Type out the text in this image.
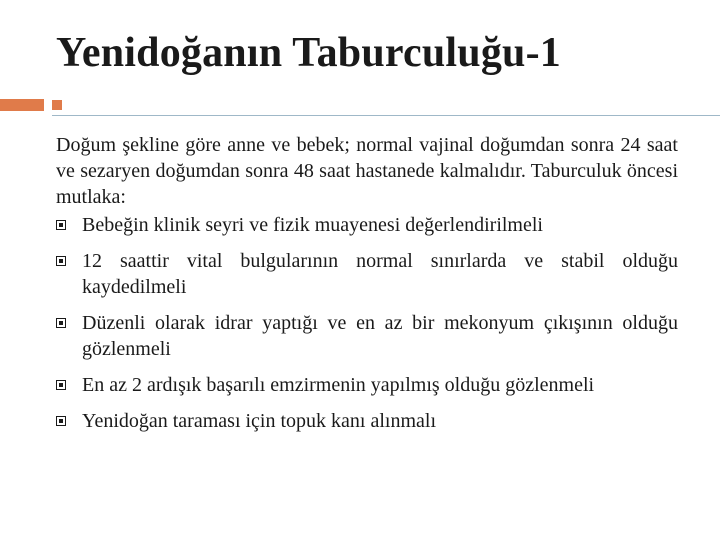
Yenidoğanın Taburculuğu-1

Doğum şekline göre anne ve bebek; normal vajinal doğumdan sonra 24 saat ve sezaryen doğumdan sonra 48 saat hastanede kalmalıdır. Taburculuk öncesi mutlaka:

Bebeğin klinik seyri ve fizik muayenesi değerlendirilmeli
12 saattir vital bulgularının normal sınırlarda ve stabil olduğu kaydedilmeli
Düzenli olarak idrar yaptığı ve en az bir mekonyum çıkışının olduğu gözlenmeli
En az 2 ardışık başarılı emzirmenin yapılmış olduğu gözlenmeli
Yenidoğan taraması için topuk kanı alınmalı
